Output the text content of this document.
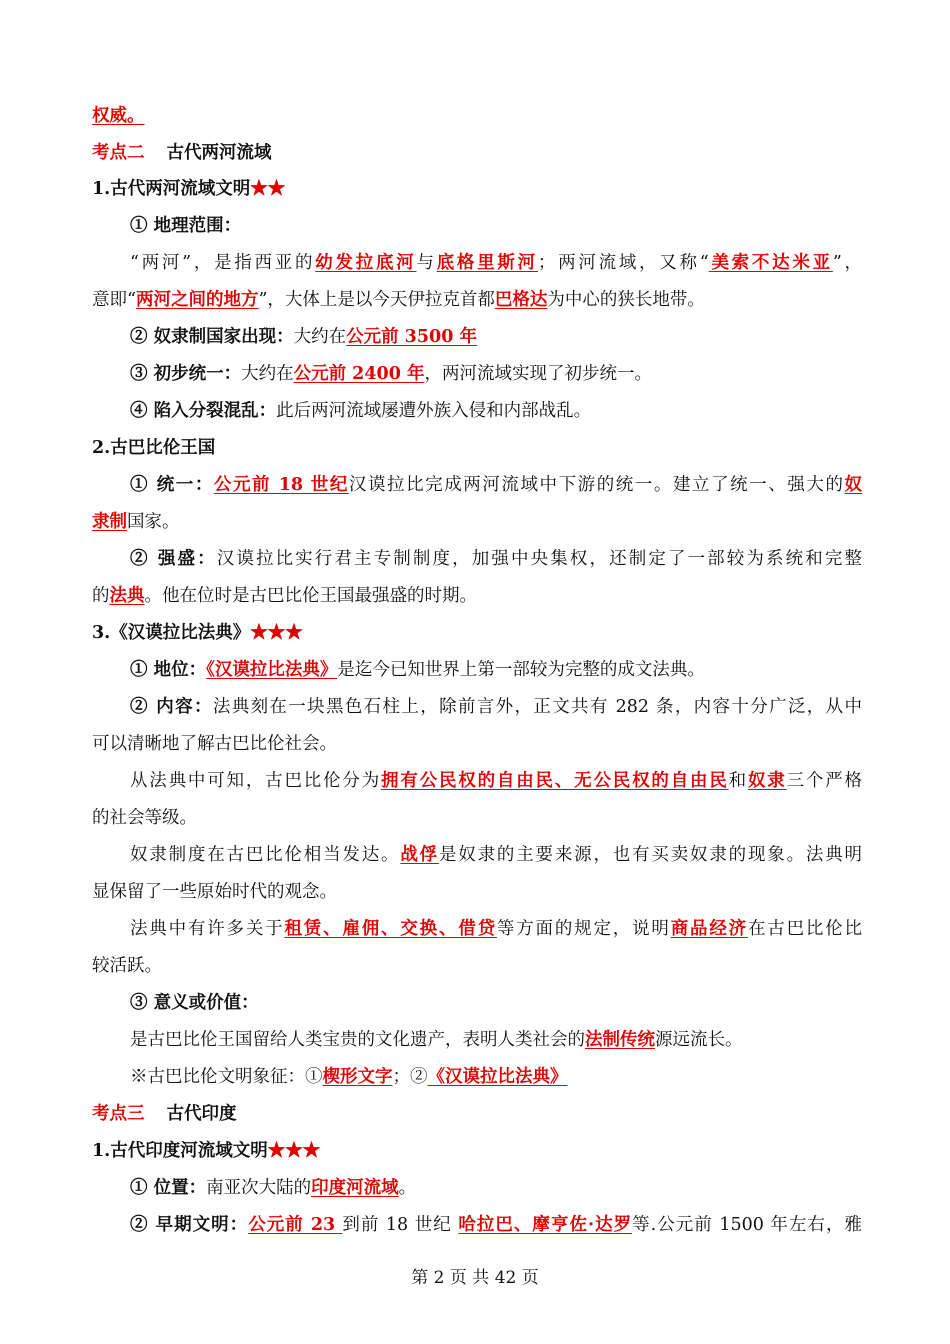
权威。
考点二 古代两河流域
1.古代两河流域文明★★
① 地理范围：
“两河”，是指西亚的幼发拉底河与底格里斯河；两河流域，又称“美索不达米亚”，
意即“两河之间的地方”，大体上是以今天伊拉克首都巴格达为中心的狭长地带。
② 奴隶制国家出现：大约在公元前 3500 年
③ 初步统一：大约在公元前 2400 年，两河流域实现了初步统一。
④ 陷入分裂混乱：此后两河流域屡遭外族入侵和内部战乱。
2.古巴比伦王国
① 统一：公元前 18 世纪汉谟拉比完成两河流域中下游的统一。建立了统一、强大的奴
隶制国家。
② 强盛：汉谟拉比实行君主专制制度，加强中央集权，还制定了一部较为系统和完整
的法典。他在位时是古巴比伦王国最强盛的时期。
3.《汉谟拉比法典》★★★
① 地位：《汉谟拉比法典》是迄今已知世界上第一部较为完整的成文法典。
② 内容：法典刻在一块黑色石柱上，除前言外，正文共有 282 条，内容十分广泛，从中
可以清晰地了解古巴比伦社会。
从法典中可知，古巴比伦分为拥有公民权的自由民、无公民权的自由民和奴隶三个严格
的社会等级。
奴隶制度在古巴比伦相当发达。战俘是奴隶的主要来源，也有买卖奴隶的现象。法典明
显保留了一些原始时代的观念。
法典中有许多关于租赁、雇佣、交换、借贷等方面的规定，说明商品经济在古巴比伦比
较活跃。
③ 意义或价值：
是古巴比伦王国留给人类宝贵的文化遗产，表明人类社会的法制传统源远流长。
※古巴比伦文明象征：①楔形文字；②《汉谟拉比法典》
考点三 古代印度
1.古代印度河流域文明★★★
① 位置：南亚次大陆的印度河流域。
② 早期文明：公元前 23 到前 18 世纪 哈拉巴、摩亨佐·达罗等.公元前 1500 年左右，雅
第 2 页 共 42 页
